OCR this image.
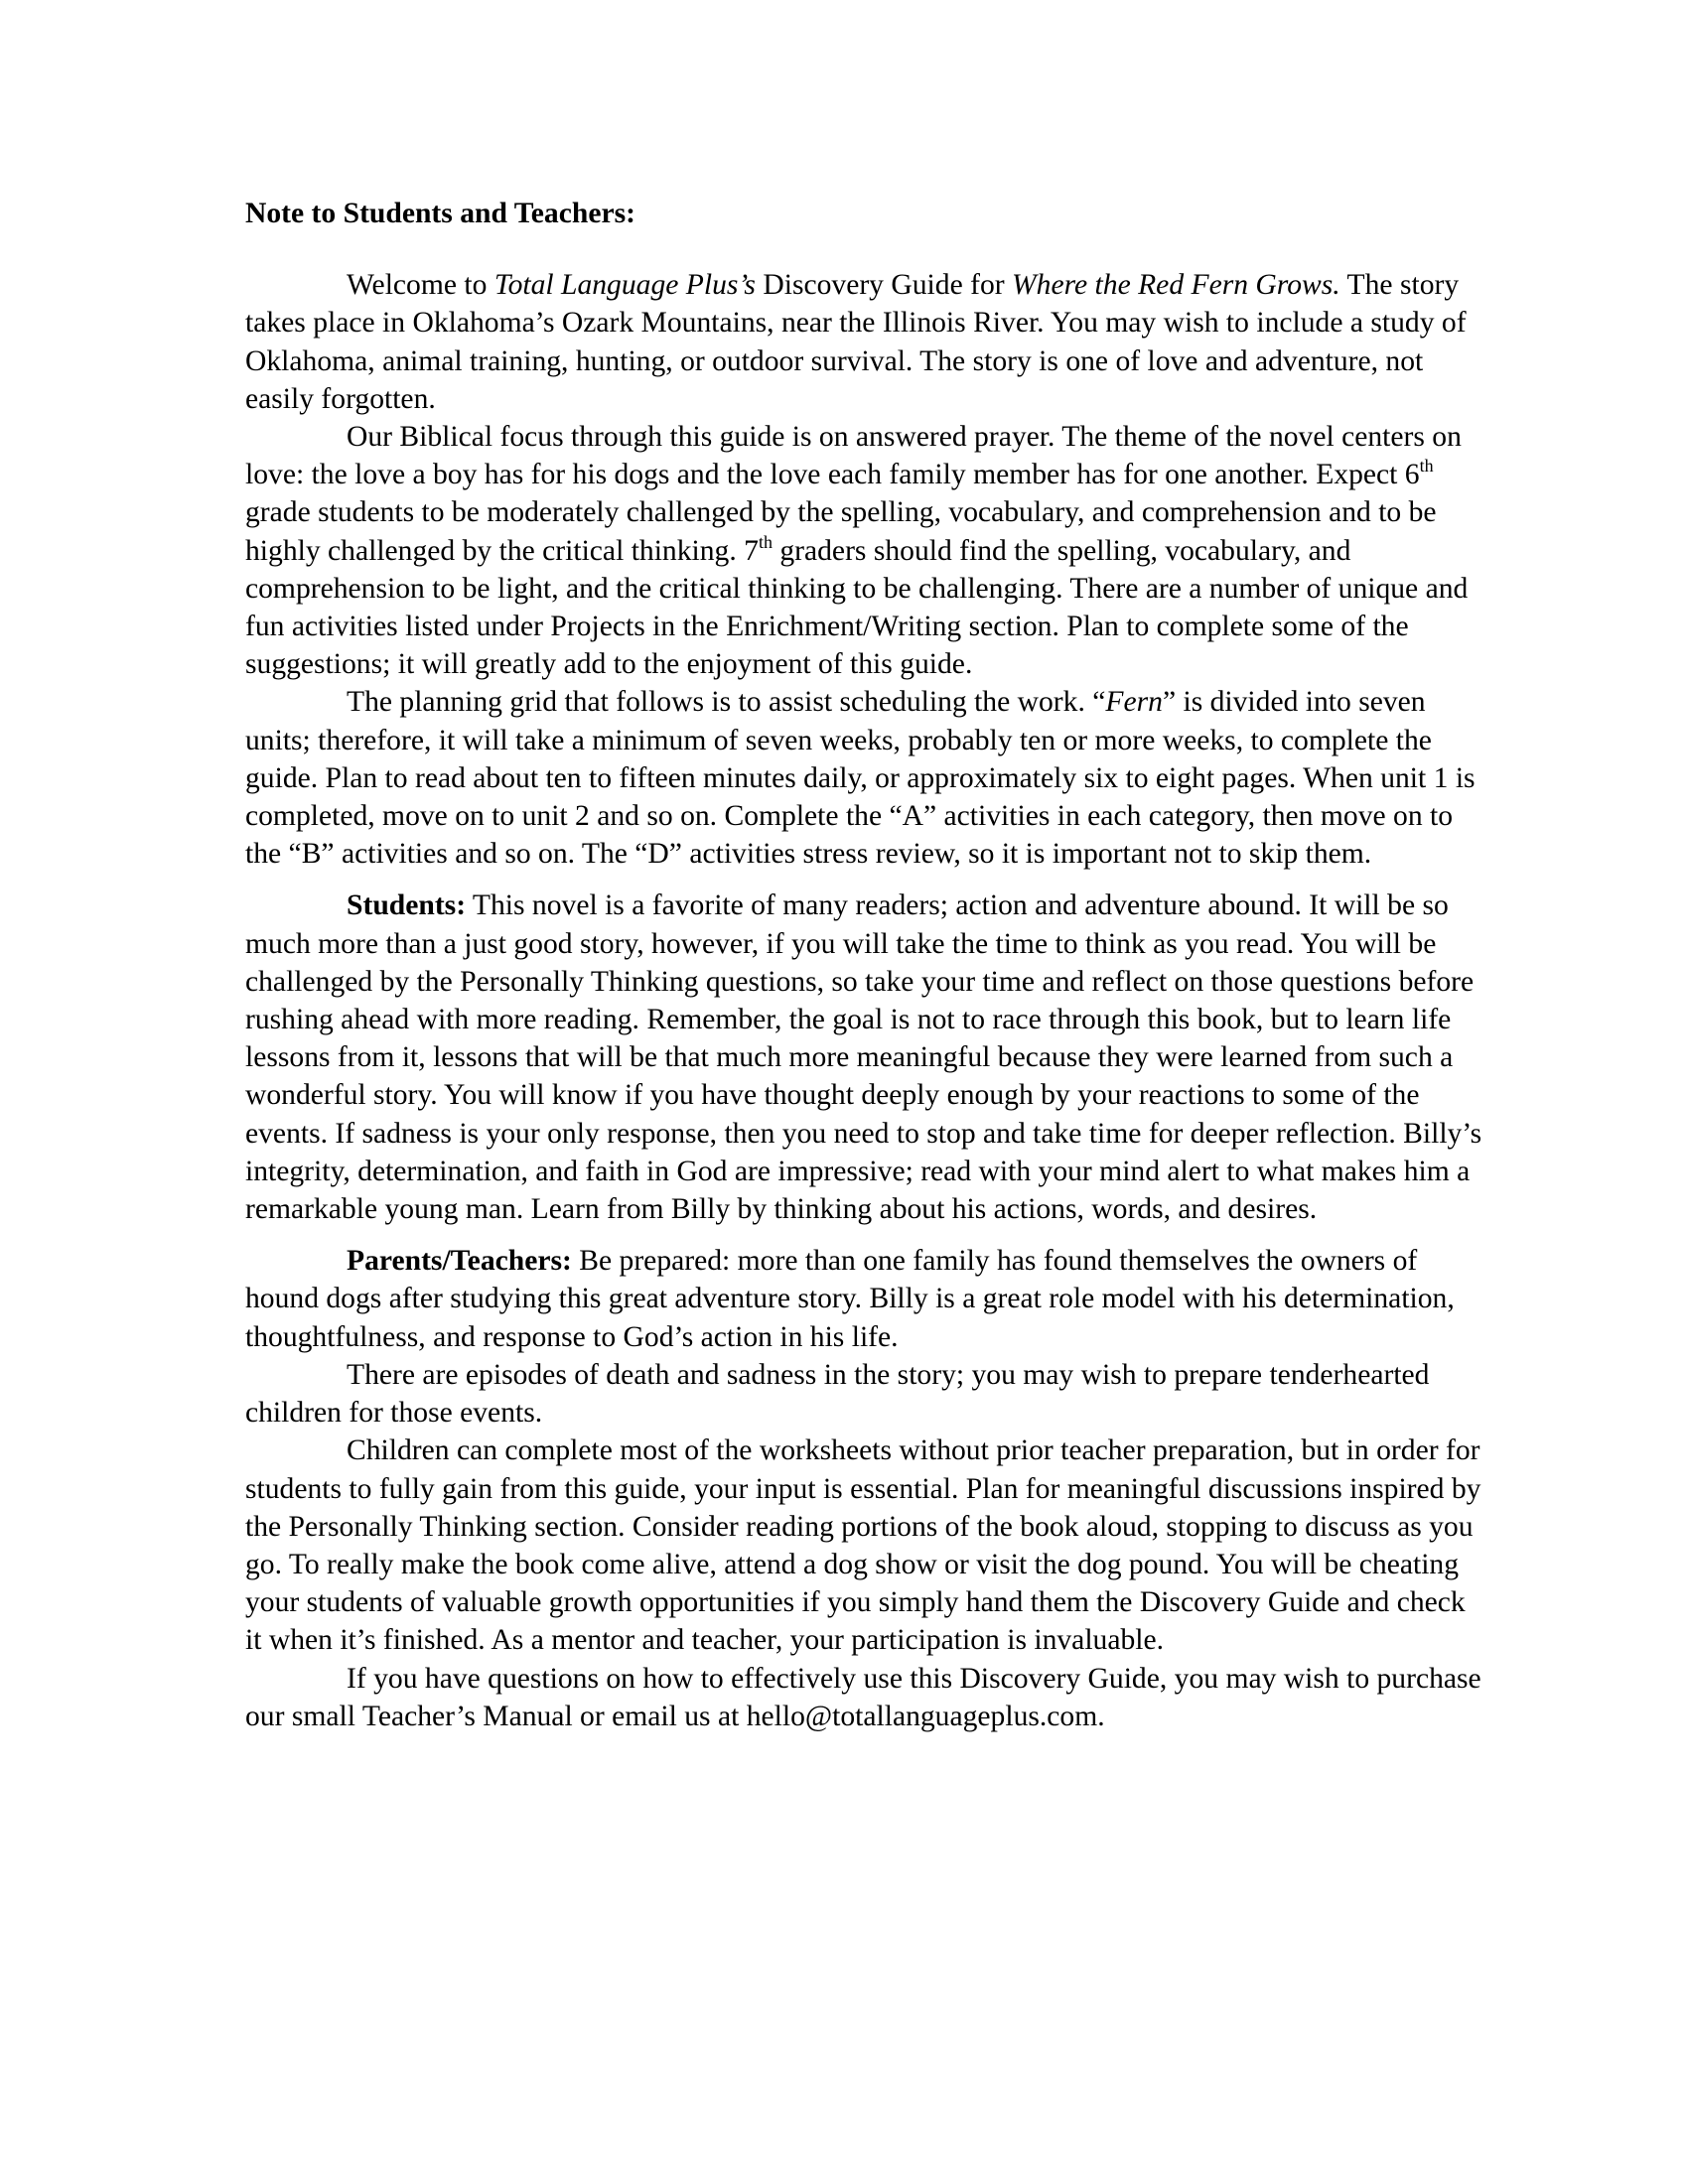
Note to Students and Teachers:

Welcome to Total Language Plus’s Discovery Guide for Where the Red Fern Grows. The story takes place in Oklahoma’s Ozark Mountains, near the Illinois River. You may wish to include a study of Oklahoma, animal training, hunting, or outdoor survival. The story is one of love and adventure, not easily forgotten.

Our Biblical focus through this guide is on answered prayer. The theme of the novel centers on love: the love a boy has for his dogs and the love each family member has for one another. Expect 6th grade students to be moderately challenged by the spelling, vocabulary, and comprehension and to be highly challenged by the critical thinking. 7th graders should find the spelling, vocabulary, and comprehension to be light, and the critical thinking to be challenging. There are a number of unique and fun activities listed under Projects in the Enrichment/Writing section. Plan to complete some of the suggestions; it will greatly add to the enjoyment of this guide.

The planning grid that follows is to assist scheduling the work. “Fern” is divided into seven units; therefore, it will take a minimum of seven weeks, probably ten or more weeks, to complete the guide. Plan to read about ten to fifteen minutes daily, or approximately six to eight pages. When unit 1 is completed, move on to unit 2 and so on. Complete the “A” activities in each category, then move on to the “B” activities and so on. The “D” activities stress review, so it is important not to skip them.

Students: This novel is a favorite of many readers; action and adventure abound. It will be so much more than a just good story, however, if you will take the time to think as you read. You will be challenged by the Personally Thinking questions, so take your time and reflect on those questions before rushing ahead with more reading. Remember, the goal is not to race through this book, but to learn life lessons from it, lessons that will be that much more meaningful because they were learned from such a wonderful story. You will know if you have thought deeply enough by your reactions to some of the events. If sadness is your only response, then you need to stop and take time for deeper reflection. Billy’s integrity, determination, and faith in God are impressive; read with your mind alert to what makes him a remarkable young man. Learn from Billy by thinking about his actions, words, and desires.

Parents/Teachers: Be prepared: more than one family has found themselves the owners of hound dogs after studying this great adventure story. Billy is a great role model with his determination, thoughtfulness, and response to God’s action in his life.

There are episodes of death and sadness in the story; you may wish to prepare tenderhearted children for those events.

Children can complete most of the worksheets without prior teacher preparation, but in order for students to fully gain from this guide, your input is essential. Plan for meaningful discussions inspired by the Personally Thinking section. Consider reading portions of the book aloud, stopping to discuss as you go. To really make the book come alive, attend a dog show or visit the dog pound. You will be cheating your students of valuable growth opportunities if you simply hand them the Discovery Guide and check it when it’s finished. As a mentor and teacher, your participation is invaluable.

If you have questions on how to effectively use this Discovery Guide, you may wish to purchase our small Teacher’s Manual or email us at hello@totallanguageplus.com.
